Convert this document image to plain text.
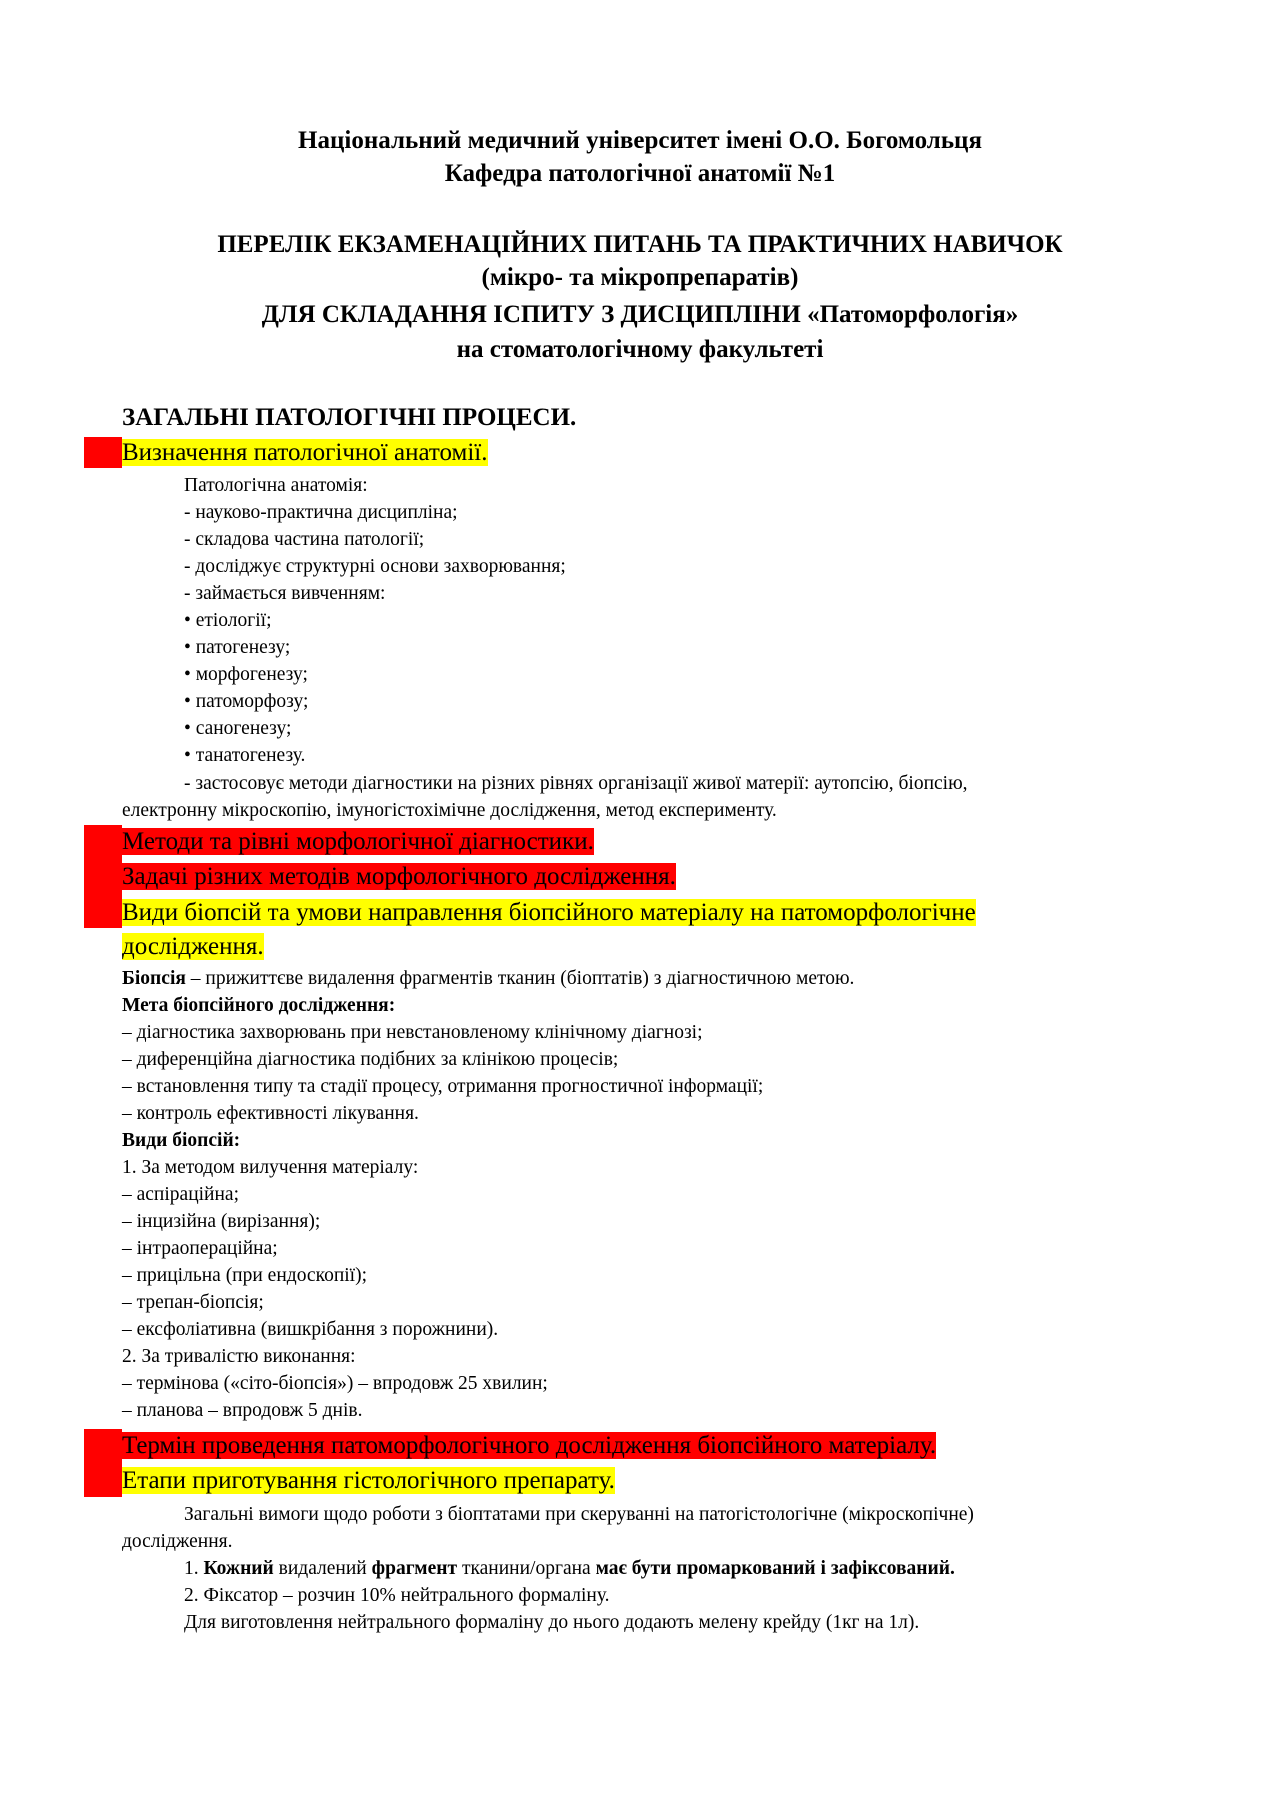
Національний медичний університет імені О.О. Богомольця
Кафедра патологічної анатомії №1
ПЕРЕЛІК ЕКЗАМЕНАЦІЙНИХ ПИТАНЬ ТА ПРАКТИЧНИХ НАВИЧОК
(мікро- та мікропрепаратів)
ДЛЯ СКЛАДАННЯ ІСПИТУ З ДИСЦИПЛІНИ «Патоморфологія»
на стоматологічному факультеті
ЗАГАЛЬНІ ПАТОЛОГІЧНІ ПРОЦЕСИ.
Визначення патологічної анатомії.
Патологічна анатомія:
- науково-практична дисципліна;
- складова частина патології;
- досліджує структурні основи захворювання;
- займається вивченням:
• етіології;
• патогенезу;
• морфогенезу;
• патоморфозу;
• саногенезу;
• танатогенезу.
- застосовує методи діагностики на різних рівнях організації живої матерії: аутопсію, біопсію,
електронну мікроскопію, імуногістохімічне дослідження, метод експерименту.
Методи та рівні морфологічної діагностики.
Задачі різних методів морфологічного дослідження.
Види біопсій та умови направлення біопсійного матеріалу на патоморфологічне
дослідження.
Біопсія – прижиттєве видалення фрагментів тканин (біоптатів) з діагностичною метою.
Мета біопсійного дослідження:
– діагностика захворювань при невстановленому клінічному діагнозі;
– диференційна діагностика подібних за клінікою процесів;
– встановлення типу та стадії процесу, отримання прогностичної інформації;
– контроль ефективності лікування.
Види біопсій:
1. За методом вилучення матеріалу:
– аспіраційна;
– інцизійна (вирізання);
– інтраопераційна;
– прицільна (при ендоскопії);
– трепан-біопсія;
– ексфоліативна (вишкрібання з порожнини).
2. За тривалістю виконання:
– термінова («сіто-біопсія») – впродовж 25 хвилин;
– планова – впродовж 5 днів.
Термін проведення патоморфологічного дослідження біопсійного матеріалу.
Етапи приготування гістологічного препарату.
Загальні вимоги щодо роботи з біоптатами при скеруванні на патогістологічне (мікроскопічне)
дослідження.
1. Кожний видалений фрагмент тканини/органа має бути промаркований і зафіксований.
2. Фіксатор – розчин 10% нейтрального формаліну.
Для виготовлення нейтрального формаліну до нього додають мелену крейду (1кг на 1л).
